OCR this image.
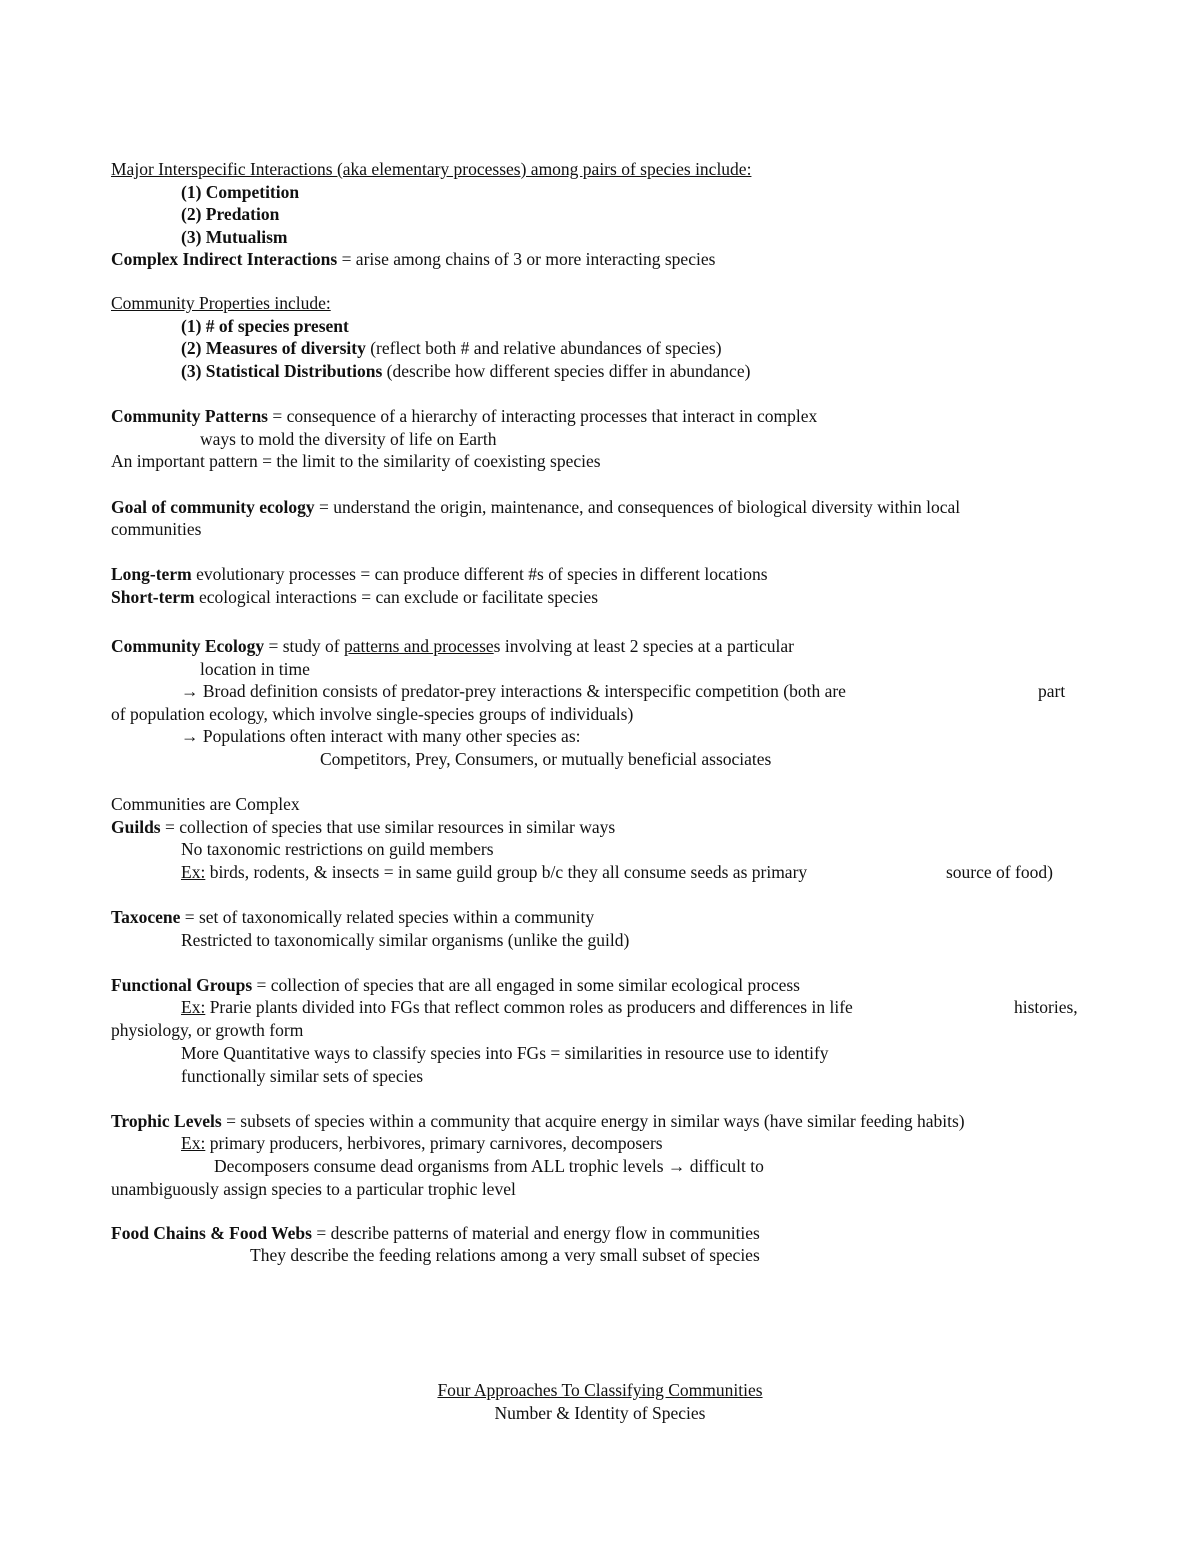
Major Interspecific Interactions (aka elementary processes) among pairs of species include:
(1) Competition
(2) Predation
(3) Mutualism
Complex Indirect Interactions = arise among chains of 3 or more interacting species
Community Properties include:
(1) # of species present
(2) Measures of diversity (reflect both # and relative abundances of species)
(3) Statistical Distributions (describe how different species differ in abundance)
Community Patterns = consequence of a hierarchy of interacting processes that interact in complex
ways to mold the diversity of life on Earth
An important pattern = the limit to the similarity of coexisting species
Goal of community ecology = understand the origin, maintenance, and consequences of biological diversity within local
communities
Long-term evolutionary processes = can produce different #s of species in different locations
Short-term ecological interactions = can exclude or facilitate species
Community Ecology = study of patterns and processes involving at least 2 species at a particular
location in time
→ Broad definition consists of predator-prey interactions & interspecific competition (both are	part
of population ecology, which involve single-species groups of individuals)
→ Populations often interact with many other species as:
Competitors, Prey, Consumers, or mutually beneficial associates
Communities are Complex
Guilds = collection of species that use similar resources in similar ways
No taxonomic restrictions on guild members
Ex: birds, rodents, & insects = in same guild group b/c they all consume seeds as primary	source of food)
Taxocene = set of taxonomically related species within a community
Restricted to taxonomically similar organisms (unlike the guild)
Functional Groups = collection of species that are all engaged in some similar ecological process
Ex: Prarie plants divided into FGs that reflect common roles as producers and differences in life	histories,
physiology, or growth form
More Quantitative ways to classify species into FGs = similarities in resource use to identify
functionally similar sets of species
Trophic Levels = subsets of species within a community that acquire energy in similar ways (have similar feeding habits)
Ex: primary producers, herbivores, primary carnivores, decomposers
Decomposers consume dead organisms from ALL trophic levels → difficult to
unambiguously assign species to a particular trophic level
Food Chains & Food Webs = describe patterns of material and energy flow in communities
They describe the feeding relations among a very small subset of species
Four Approaches To Classifying Communities
Number & Identity of Species
